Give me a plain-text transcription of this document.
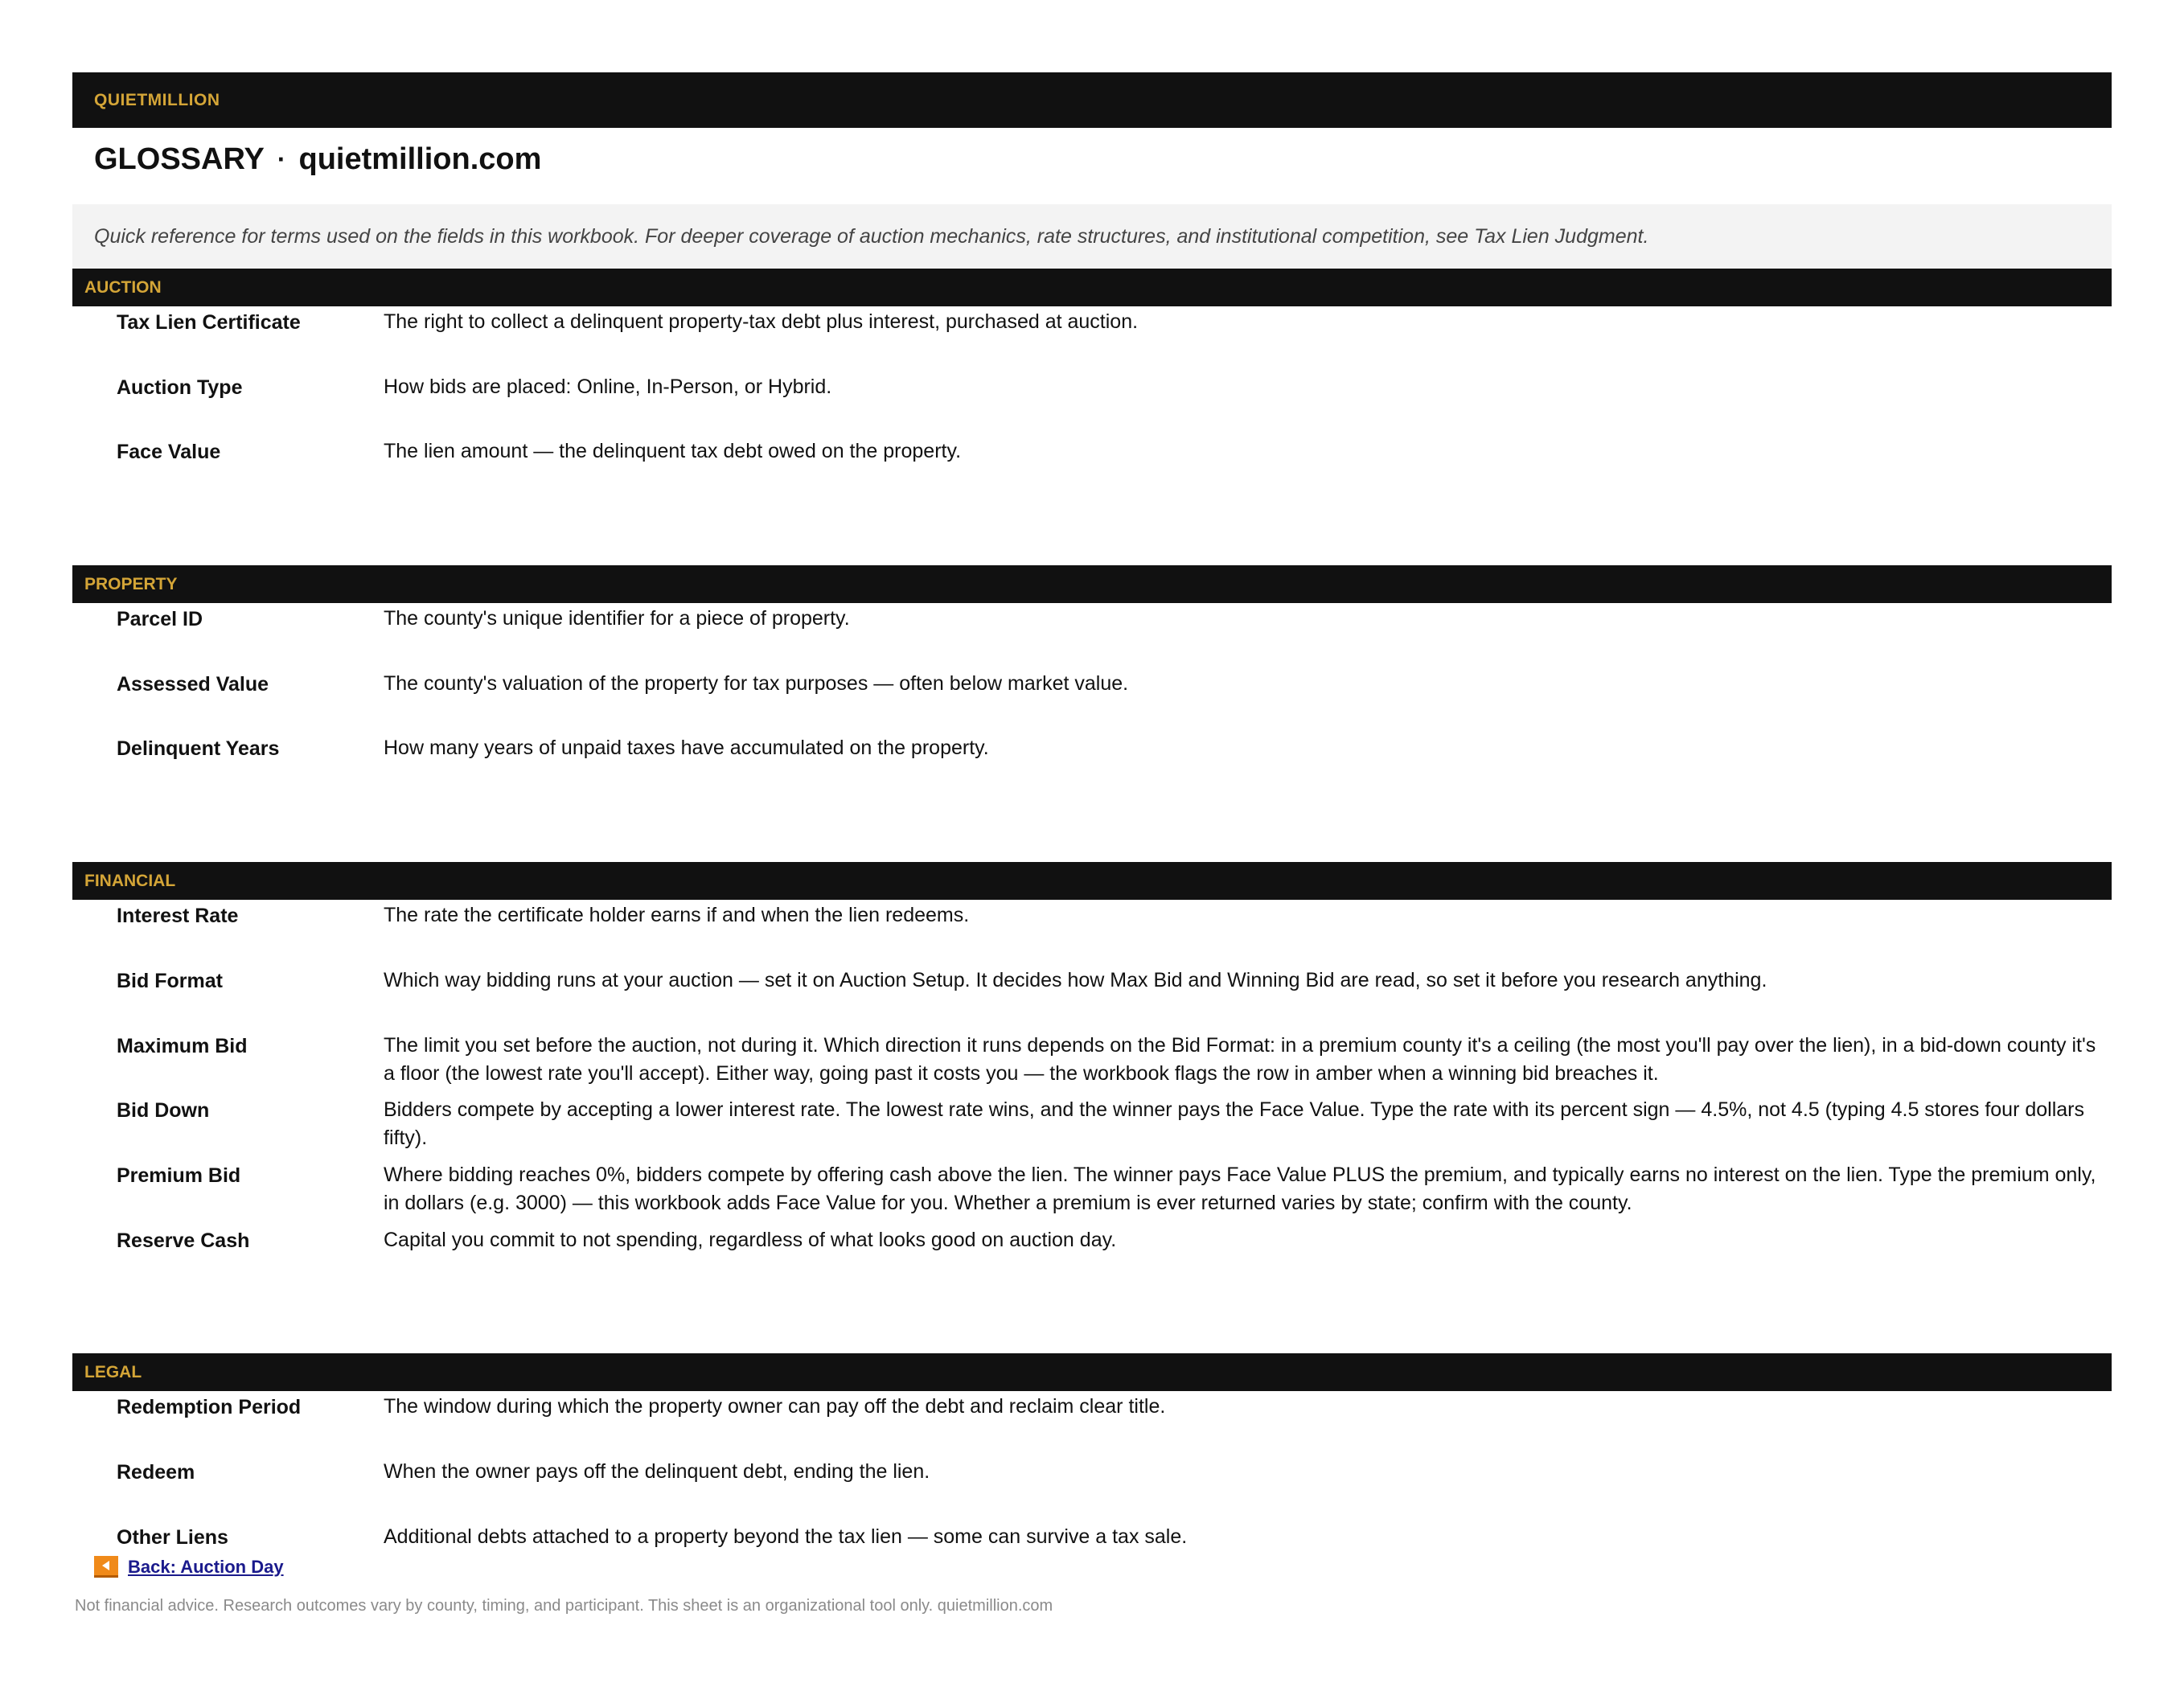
QUIETMILLION
GLOSSARY · quietmillion.com
Quick reference for terms used on the fields in this workbook. For deeper coverage of auction mechanics, rate structures, and institutional competition, see Tax Lien Judgment.
AUCTION
Tax Lien Certificate	The right to collect a delinquent property-tax debt plus interest, purchased at auction.
Auction Type	How bids are placed: Online, In-Person, or Hybrid.
Face Value	The lien amount — the delinquent tax debt owed on the property.
PROPERTY
Parcel ID	The county's unique identifier for a piece of property.
Assessed Value	The county's valuation of the property for tax purposes — often below market value.
Delinquent Years	How many years of unpaid taxes have accumulated on the property.
FINANCIAL
Interest Rate	The rate the certificate holder earns if and when the lien redeems.
Bid Format	Which way bidding runs at your auction — set it on Auction Setup. It decides how Max Bid and Winning Bid are read, so set it before you research anything.
Maximum Bid	The limit you set before the auction, not during it. Which direction it runs depends on the Bid Format: in a premium county it's a ceiling (the most you'll pay over the lien), in a bid-down county it's a floor (the lowest rate you'll accept). Either way, going past it costs you — the workbook flags the row in amber when a winning bid breaches it.
Bid Down	Bidders compete by accepting a lower interest rate. The lowest rate wins, and the winner pays the Face Value. Type the rate with its percent sign — 4.5%, not 4.5 (typing 4.5 stores four dollars fifty).
Premium Bid	Where bidding reaches 0%, bidders compete by offering cash above the lien. The winner pays Face Value PLUS the premium, and typically earns no interest on the lien. Type the premium only, in dollars (e.g. 3000) — this workbook adds Face Value for you. Whether a premium is ever returned varies by state; confirm with the county.
Reserve Cash	Capital you commit to not spending, regardless of what looks good on auction day.
LEGAL
Redemption Period	The window during which the property owner can pay off the debt and reclaim clear title.
Redeem	When the owner pays off the delinquent debt, ending the lien.
Other Liens	Additional debts attached to a property beyond the tax lien — some can survive a tax sale.
Back: Auction Day
Not financial advice. Research outcomes vary by county, timing, and participant. This sheet is an organizational tool only. quietmillion.com
